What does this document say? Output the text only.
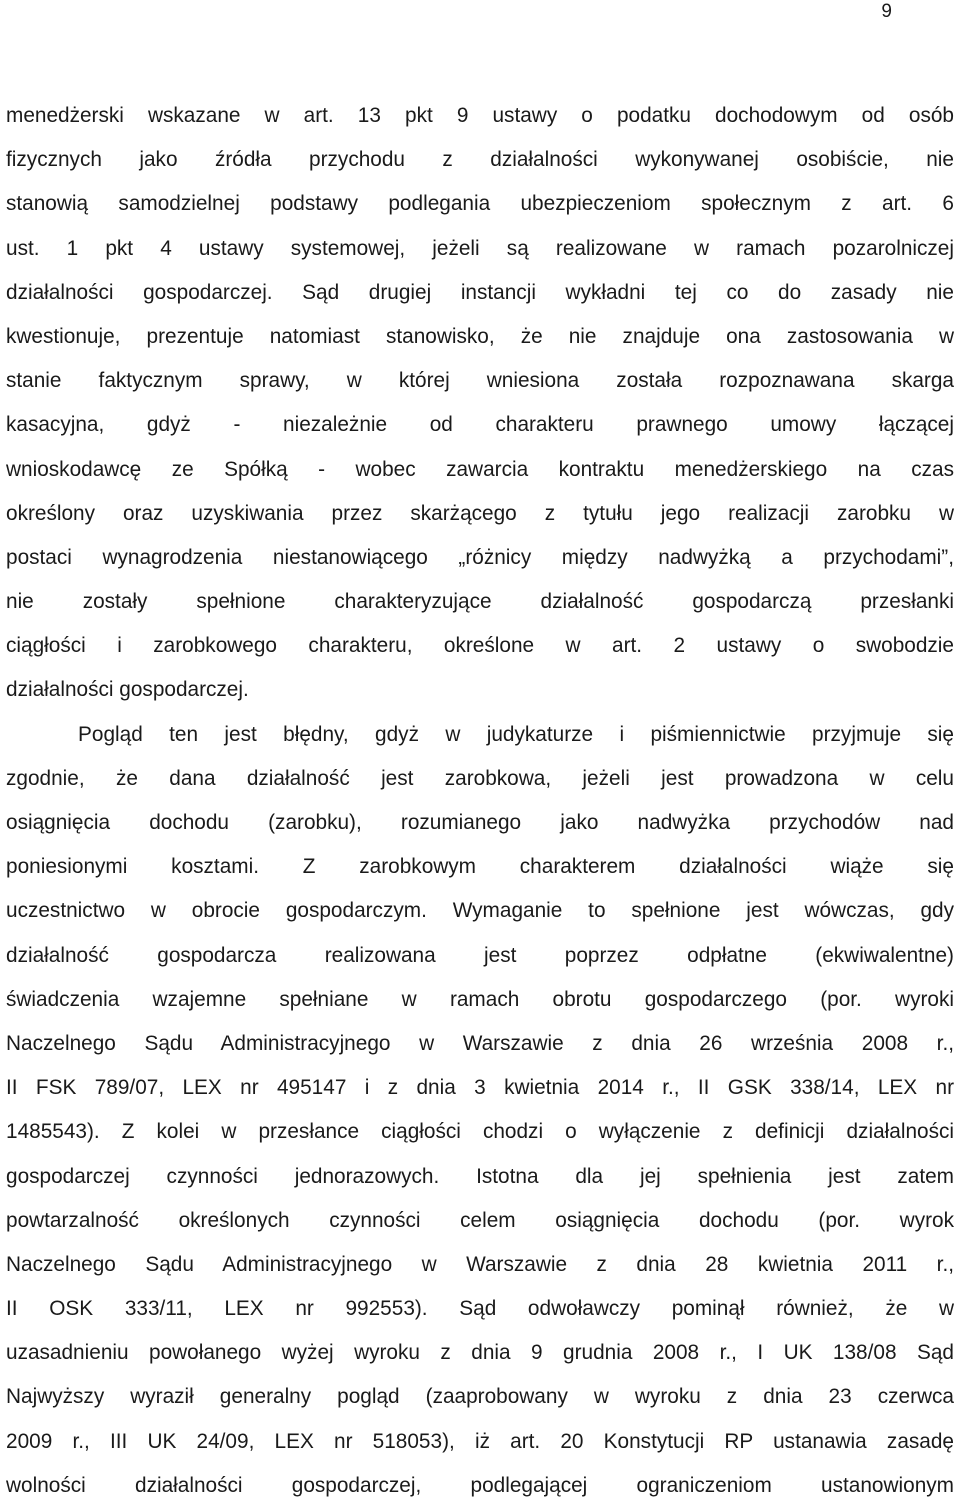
9
menedżerski wskazane w art. 13 pkt 9 ustawy o podatku dochodowym od osób
fizycznych jako źródła przychodu z działalności wykonywanej osobiście, nie
stanowią samodzielnej podstawy podlegania ubezpieczeniom społecznym z art. 6
ust. 1 pkt 4 ustawy systemowej, jeżeli są realizowane w ramach pozarolniczej
działalności gospodarczej. Sąd drugiej instancji wykładni tej co do zasady nie
kwestionuje, prezentuje natomiast stanowisko, że nie znajduje ona zastosowania w
stanie faktycznym sprawy, w której wniesiona została rozpoznawana skarga
kasacyjna, gdyż - niezależnie od charakteru prawnego umowy łączącej
wnioskodawcę ze Spółką - wobec zawarcia kontraktu menedżerskiego na czas
określony oraz uzyskiwania przez skarżącego z tytułu jego realizacji zarobku w
postaci wynagrodzenia niestanowiącego „różnicy między nadwyżką a przychodami”,
nie zostały spełnione charakteryzujące działalność gospodarczą przesłanki
ciągłości i zarobkowego charakteru, określone w art. 2 ustawy o swobodzie
działalności gospodarczej.
Pogląd ten jest błędny, gdyż w judykaturze i piśmiennictwie przyjmuje się
zgodnie, że dana działalność jest zarobkowa, jeżeli jest prowadzona w celu
osiągnięcia dochodu (zarobku), rozumianego jako nadwyżka przychodów nad
poniesionymi kosztami. Z zarobkowym charakterem działalności wiąże się
uczestnictwo w obrocie gospodarczym. Wymaganie to spełnione jest wówczas, gdy
działalność gospodarcza realizowana jest poprzez odpłatne (ekwiwalentne)
świadczenia wzajemne spełniane w ramach obrotu gospodarczego (por. wyroki
Naczelnego Sądu Administracyjnego w Warszawie z dnia 26 września 2008 r.,
II FSK 789/07, LEX nr 495147 i z dnia 3 kwietnia 2014 r., II GSK 338/14, LEX nr
1485543). Z kolei w przesłance ciągłości chodzi o wyłączenie z definicji działalności
gospodarczej czynności jednorazowych. Istotna dla jej spełnienia jest zatem
powtarzalność określonych czynności celem osiągnięcia dochodu (por. wyrok
Naczelnego Sądu Administracyjnego w Warszawie z dnia 28 kwietnia 2011 r.,
II OSK 333/11, LEX nr 992553). Sąd odwoławczy pominął również, że w
uzasadnieniu powołanego wyżej wyroku z dnia 9 grudnia 2008 r., I UK 138/08 Sąd
Najwyższy wyraził generalny pogląd (zaaprobowany w wyroku z dnia 23 czerwca
2009 r., III UK 24/09, LEX nr 518053), iż art. 20 Konstytucji RP ustanawia zasadę
wolności działalności gospodarczej, podlegającej ograniczeniom ustanowionym
